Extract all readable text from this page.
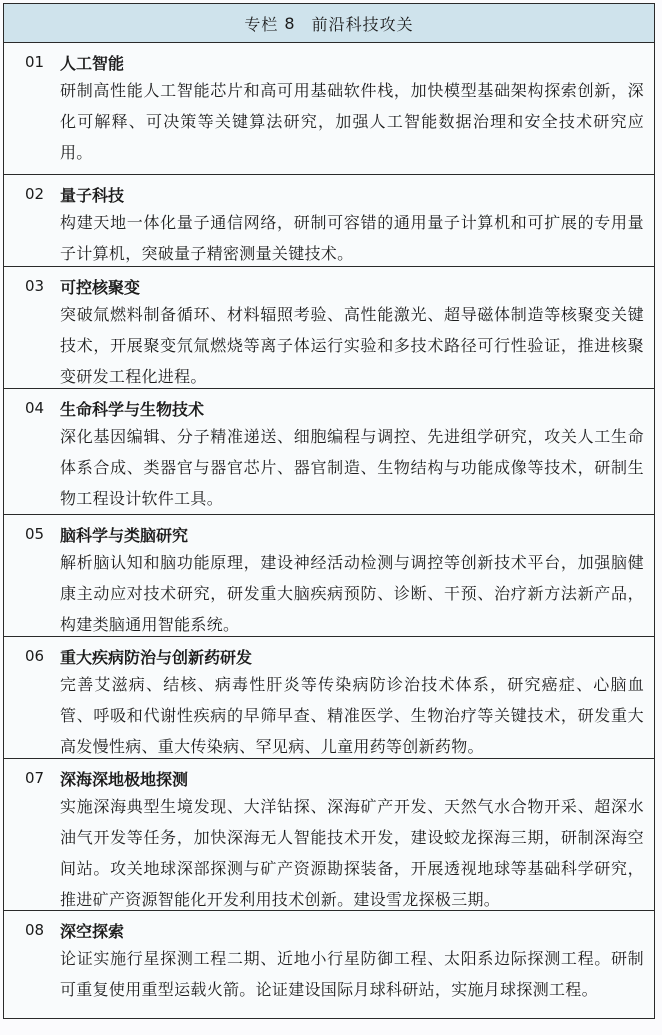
专栏 8 前沿科技攻关
01 人工智能
研制高性能人工智能芯片和高可用基础软件栈，加快模型基础架构探索创新，深化可解释、可决策等关键算法研究，加强人工智能数据治理和安全技术研究应用。
02 量子科技
构建天地一体化量子通信网络，研制可容错的通用量子计算机和可扩展的专用量子计算机，突破量子精密测量关键技术。
03 可控核聚变
突破氚燃料制备循环、材料辐照考验、高性能激光、超导磁体制造等核聚变关键技术，开展聚变氘氚燃烧等离子体运行实验和多技术路径可行性验证，推进核聚变研发工程化进程。
04 生命科学与生物技术
深化基因编辑、分子精准递送、细胞编程与调控、先进组学研究，攻关人工生命体系合成、类器官与器官芯片、器官制造、生物结构与功能成像等技术，研制生物工程设计软件工具。
05 脑科学与类脑研究
解析脑认知和脑功能原理，建设神经活动检测与调控等创新技术平台，加强脑健康主动应对技术研究，研发重大脑疾病预防、诊断、干预、治疗新方法新产品，构建类脑通用智能系统。
06 重大疾病防治与创新药研发
完善艾滋病、结核、病毒性肝炎等传染病防诊治技术体系，研究癌症、心脑血管、呼吸和代谢性疾病的早筛早查、精准医学、生物治疗等关键技术，研发重大高发慢性病、重大传染病、罕见病、儿童用药等创新药物。
07 深海深地极地探测
实施深海典型生境发现、大洋钻探、深海矿产开发、天然气水合物开采、超深水油气开发等任务，加快深海无人智能技术开发，建设蛟龙探海三期，研制深海空间站。攻关地球深部探测与矿产资源勘探装备，开展透视地球等基础科学研究，推进矿产资源智能化开发利用技术创新。建设雪龙探极三期。
08 深空探索
论证实施行星探测工程二期、近地小行星防御工程、太阳系边际探测工程。研制可重复使用重型运载火箭。论证建设国际月球科研站，实施月球探测工程。
